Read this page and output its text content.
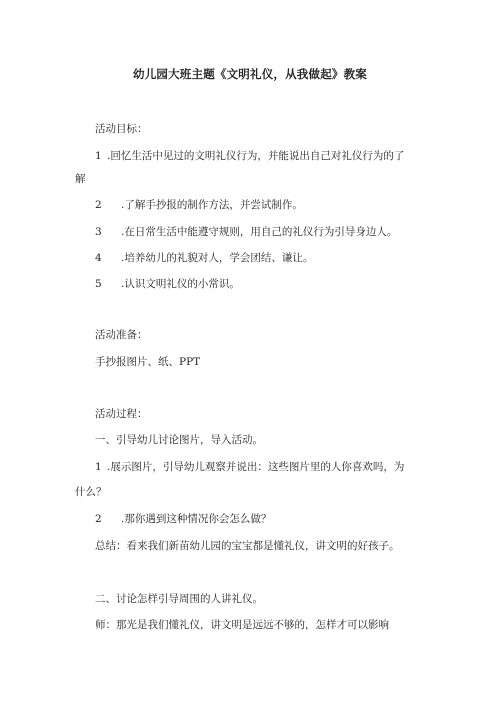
幼儿园大班主题《文明礼仪，从我做起》教案
活动目标：
1 .回忆生活中见过的文明礼仪行为，并能说出自己对礼仪行为的了
解
2 .了解手抄报的制作方法，并尝试制作。
3 .在日常生活中能遵守规则，用自己的礼仪行为引导身边人。
4 .培养幼儿的礼貌对人，学会团结、谦让。
5 .认识文明礼仪的小常识。
活动准备：
手抄报图片、纸、PPT
活动过程：
一、引导幼儿讨论图片，导入活动。
1 .展示图片，引导幼儿观察并说出：这些图片里的人你喜欢吗，为
什么？
2 .那你遇到这种情况你会怎么做？
总结：看来我们新苗幼儿园的宝宝都是懂礼仪，讲文明的好孩子。
二、讨论怎样引导周围的人讲礼仪。
师：那光是我们懂礼仪，讲文明是远远不够的，怎样才可以影响
